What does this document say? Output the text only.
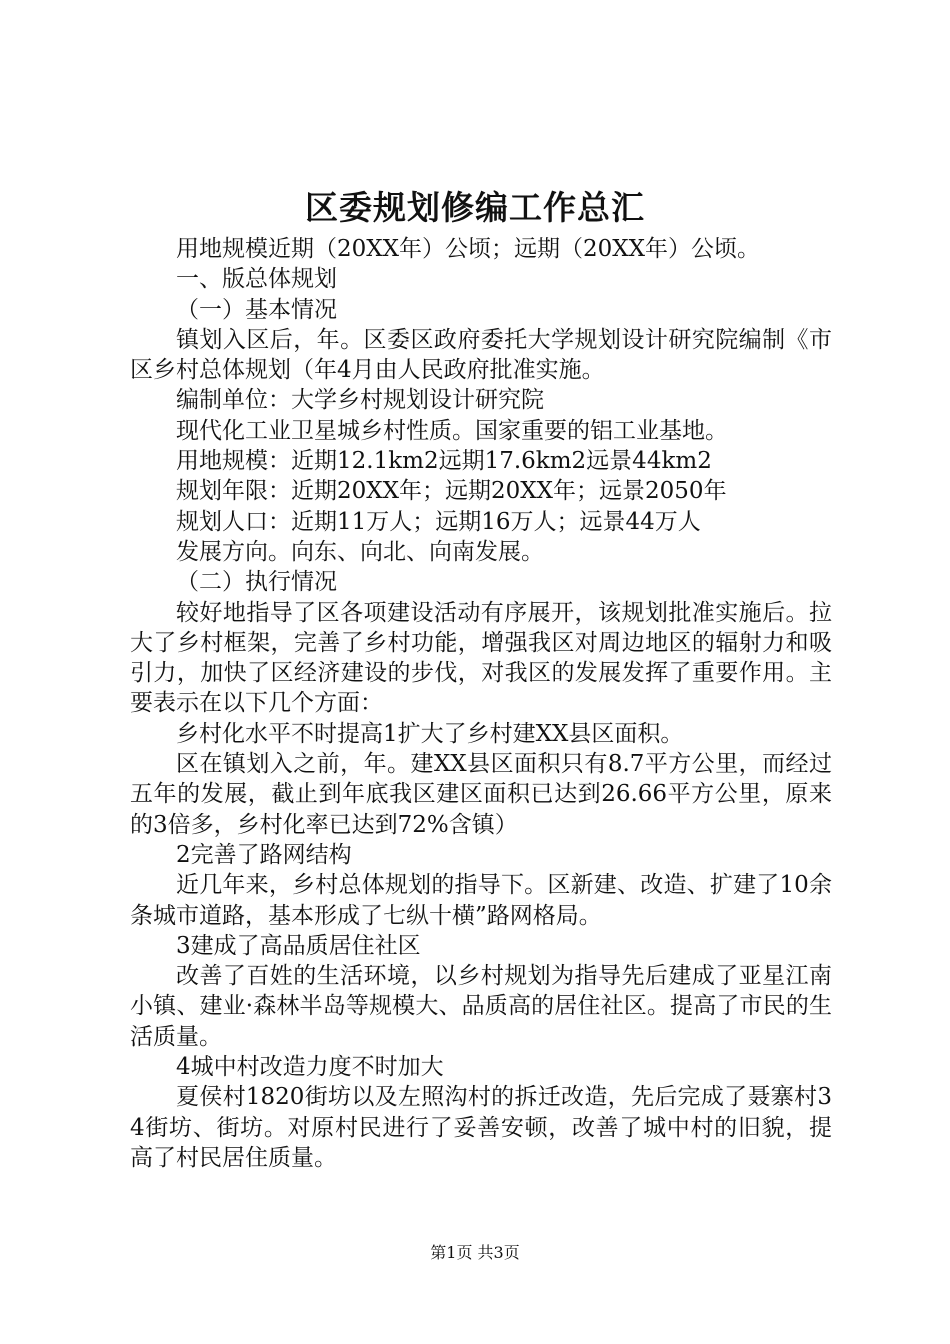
区委规划修编工作总汇

用地规模近期（20XX年）公顷；远期（20XX年）公顷。

一、版总体规划

（一）基本情况

镇划入区后，年。区委区政府委托大学规划设计研究院编制《市区乡村总体规划（年4月由人民政府批准实施。

编制单位：大学乡村规划设计研究院

现代化工业卫星城乡村性质。国家重要的铝工业基地。

用地规模：近期12.1km2远期17.6km2远景44km2

规划年限：近期20XX年；远期20XX年；远景2050年

规划人口：近期11万人；远期16万人；远景44万人

发展方向。向东、向北、向南发展。

（二）执行情况

较好地指导了区各项建设活动有序展开，该规划批准实施后。拉大了乡村框架，完善了乡村功能，增强我区对周边地区的辐射力和吸引力，加快了区经济建设的步伐，对我区的发展发挥了重要作用。主要表示在以下几个方面：

乡村化水平不时提高1扩大了乡村建XX县区面积。

区在镇划入之前，年。建XX县区面积只有8.7平方公里，而经过五年的发展，截止到年底我区建区面积已达到26.66平方公里，原来的3倍多，乡村化率已达到72%含镇）

2完善了路网结构

近几年来，乡村总体规划的指导下。区新建、改造、扩建了10余条城市道路，基本形成了七纵十横”路网格局。

3建成了高品质居住社区

改善了百姓的生活环境，以乡村规划为指导先后建成了亚星江南小镇、建业·森林半岛等规模大、品质高的居住社区。提高了市民的生活质量。

4城中村改造力度不时加大

夏侯村1820街坊以及左照沟村的拆迁改造，先后完成了聂寨村34街坊、街坊。对原村民进行了妥善安顿，改善了城中村的旧貌，提高了村民居住质量。

第1页 共3页
